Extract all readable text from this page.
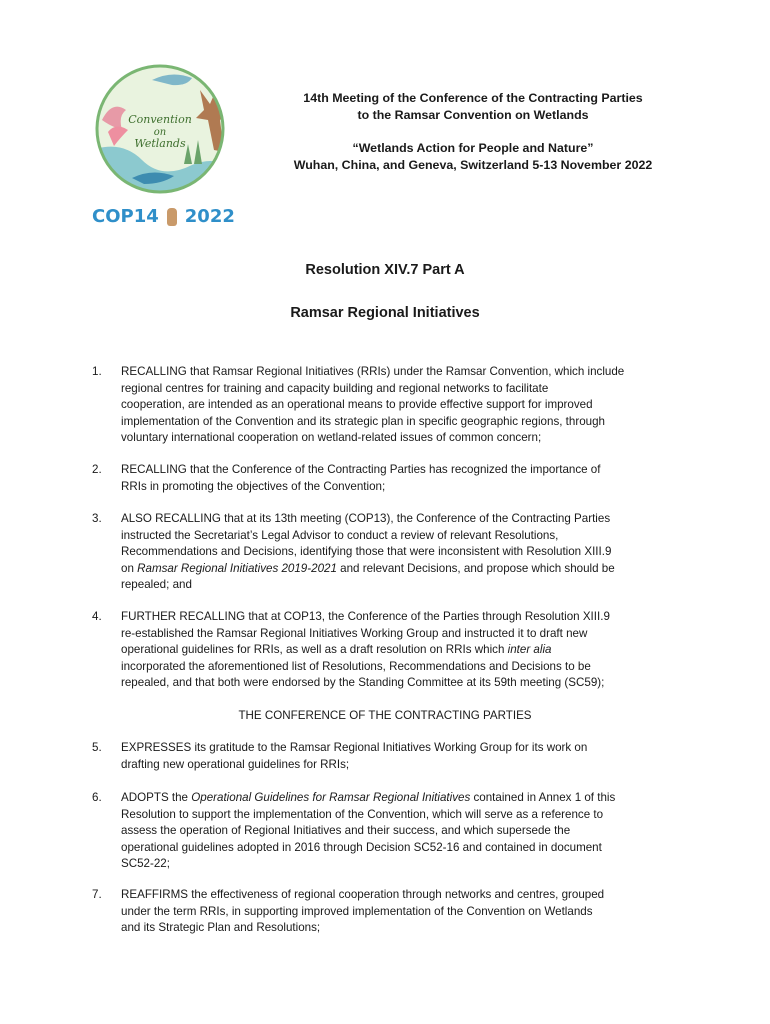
Convention
on
Wetlands
COP14 2022
14th Meeting of the Conference of the Contracting Parties
to the Ramsar Convention on Wetlands
“Wetlands Action for People and Nature”
Wuhan, China, and Geneva, Switzerland 5-13 November 2022
Resolution XIV.7 Part A
Ramsar Regional Initiatives
1.	RECALLING that Ramsar Regional Initiatives (RRIs) under the Ramsar Convention, which include
regional centres for training and capacity building and regional networks to facilitate
cooperation, are intended as an operational means to provide effective support for improved
implementation of the Convention and its strategic plan in specific geographic regions, through
voluntary international cooperation on wetland-related issues of common concern;
2.	RECALLING that the Conference of the Contracting Parties has recognized the importance of
RRIs in promoting the objectives of the Convention;
3.	ALSO RECALLING that at its 13th meeting (COP13), the Conference of the Contracting Parties
instructed the Secretariat’s Legal Advisor to conduct a review of relevant Resolutions,
Recommendations and Decisions, identifying those that were inconsistent with Resolution XIII.9
on Ramsar Regional Initiatives 2019-2021 and relevant Decisions, and propose which should be
repealed; and
4.	FURTHER RECALLING that at COP13, the Conference of the Parties through Resolution XIII.9
re-established the Ramsar Regional Initiatives Working Group and instructed it to draft new
operational guidelines for RRIs, as well as a draft resolution on RRIs which inter alia
incorporated the aforementioned list of Resolutions, Recommendations and Decisions to be
repealed, and that both were endorsed by the Standing Committee at its 59th meeting (SC59);
THE CONFERENCE OF THE CONTRACTING PARTIES
5.	EXPRESSES its gratitude to the Ramsar Regional Initiatives Working Group for its work on
drafting new operational guidelines for RRIs;
6.	ADOPTS the Operational Guidelines for Ramsar Regional Initiatives contained in Annex 1 of this
Resolution to support the implementation of the Convention, which will serve as a reference to
assess the operation of Regional Initiatives and their success, and which supersede the
operational guidelines adopted in 2016 through Decision SC52-16 and contained in document
SC52-22;
7.	REAFFIRMS the effectiveness of regional cooperation through networks and centres, grouped
under the term RRIs, in supporting improved implementation of the Convention on Wetlands
and its Strategic Plan and Resolutions;
